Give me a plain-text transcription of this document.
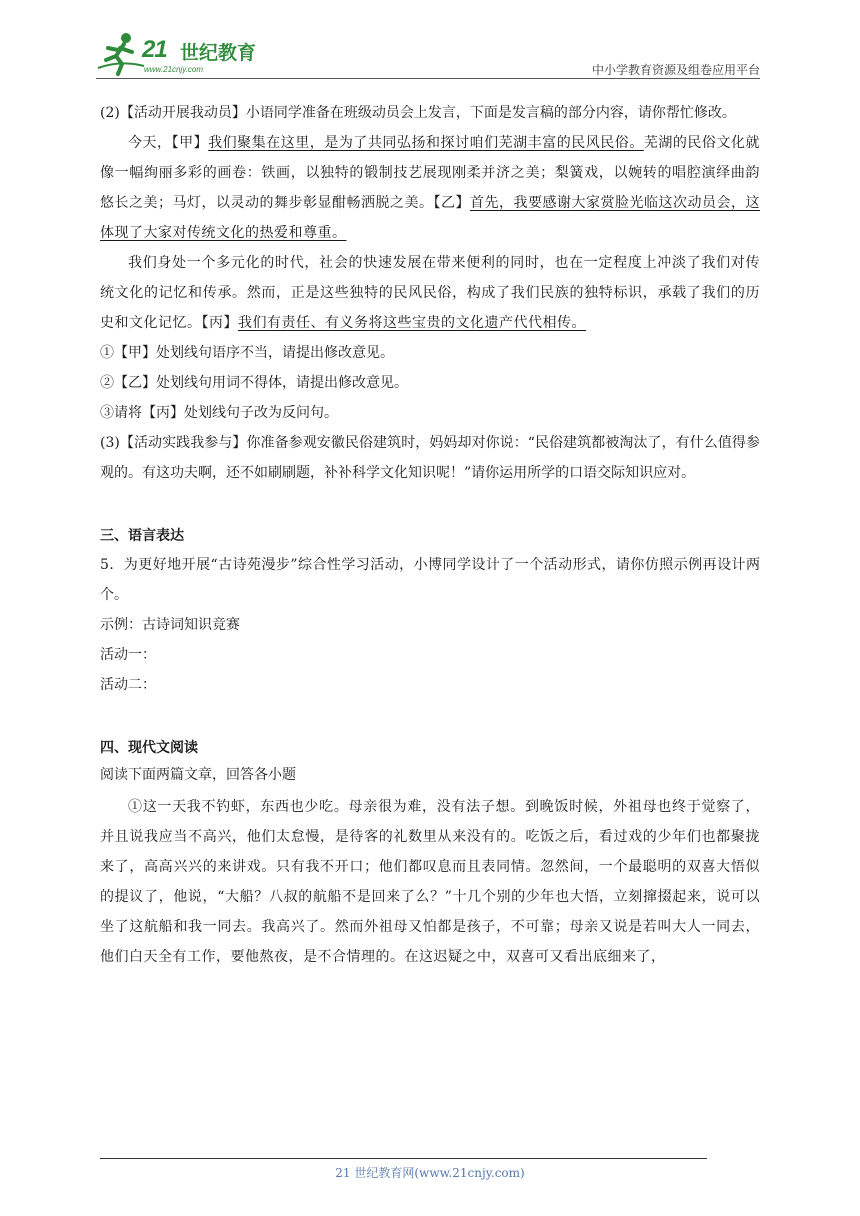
21 世纪教育
www.21cnjy.com	中小学教育资源及组卷应用平台

(2)【活动开展我动员】小语同学准备在班级动员会上发言，下面是发言稿的部分内容，请你帮忙修改。

今天，【甲】我们聚集在这里，是为了共同弘扬和探讨咱们芜湖丰富的民风民俗。芜湖的民俗文化就像一幅绚丽多彩的画卷：铁画，以独特的锻制技艺展现刚柔并济之美；梨簧戏，以婉转的唱腔演绎曲韵悠长之美；马灯，以灵动的舞步彰显酣畅洒脱之美。【乙】首先，我要感谢大家赏脸光临这次动员会，这体现了大家对传统文化的热爱和尊重。

我们身处一个多元化的时代，社会的快速发展在带来便利的同时，也在一定程度上冲淡了我们对传统文化的记忆和传承。然而，正是这些独特的民风民俗，构成了我们民族的独特标识，承载了我们的历史和文化记忆。【丙】我们有责任、有义务将这些宝贵的文化遗产代代相传。

①【甲】处划线句语序不当，请提出修改意见。

②【乙】处划线句用词不得体，请提出修改意见。

③请将【丙】处划线句子改为反问句。

(3)【活动实践我参与】你准备参观安徽民俗建筑时，妈妈却对你说：“民俗建筑都被淘汰了，有什么值得参观的。有这功夫啊，还不如刷刷题，补补科学文化知识呢！”请你运用所学的口语交际知识应对。

三、语言表达

5．为更好地开展“古诗苑漫步”综合性学习活动，小博同学设计了一个活动形式，请你仿照示例再设计两个。

示例：古诗词知识竞赛

活动一：

活动二：

四、现代文阅读

阅读下面两篇文章，回答各小题

①这一天我不钓虾，东西也少吃。母亲很为难，没有法子想。到晚饭时候，外祖母也终于觉察了，并且说我应当不高兴，他们太怠慢，是待客的礼数里从来没有的。吃饭之后，看过戏的少年们也都聚拢来了，高高兴兴的来讲戏。只有我不开口；他们都叹息而且表同情。忽然间，一个最聪明的双喜大悟似的提议了，他说，“大船？八叔的航船不是回来了么？”十几个别的少年也大悟，立刻撺掇起来，说可以坐了这航船和我一同去。我高兴了。然而外祖母又怕都是孩子，不可靠；母亲又说是若叫大人一同去，他们白天全有工作，要他熬夜，是不合情理的。在这迟疑之中，双喜可又看出底细来了，

21 世纪教育网(www.21cnjy.com)
